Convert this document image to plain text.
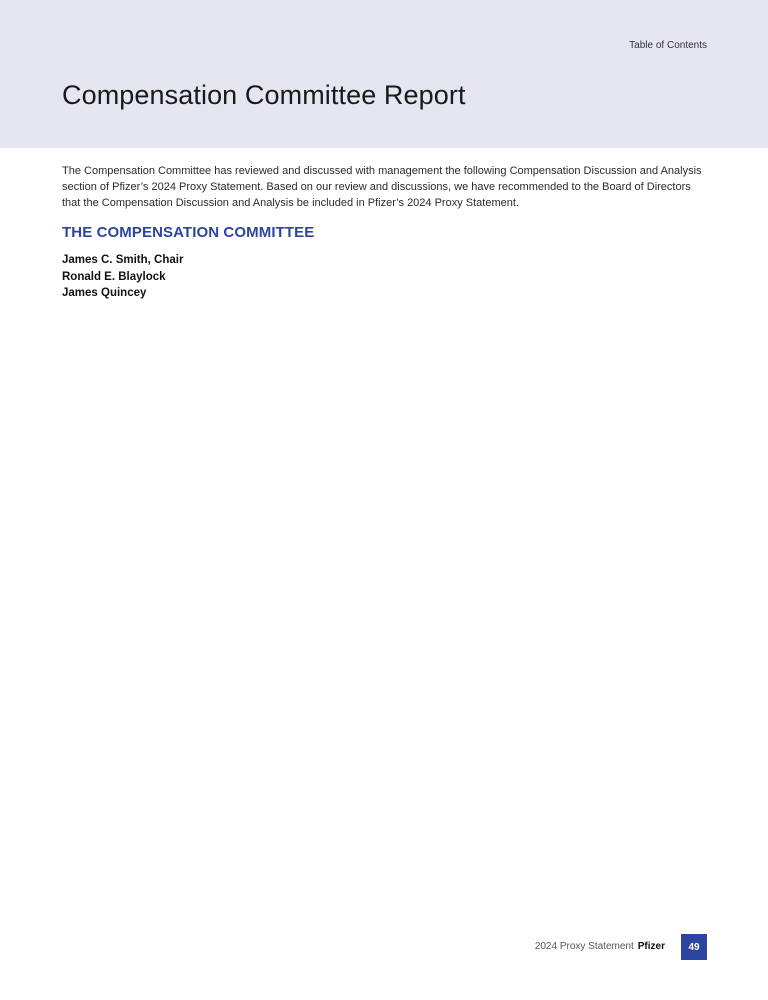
Table of Contents
Compensation Committee Report

The Compensation Committee has reviewed and discussed with management the following Compensation Discussion and Analysis section of Pfizer’s 2024 Proxy Statement. Based on our review and discussions, we have recommended to the Board of Directors that the Compensation Discussion and Analysis be included in Pfizer’s 2024 Proxy Statement.

THE COMPENSATION COMMITTEE
James C. Smith, Chair
Ronald E. Blaylock
James Quincey
2024 Proxy Statement Pfizer	49
